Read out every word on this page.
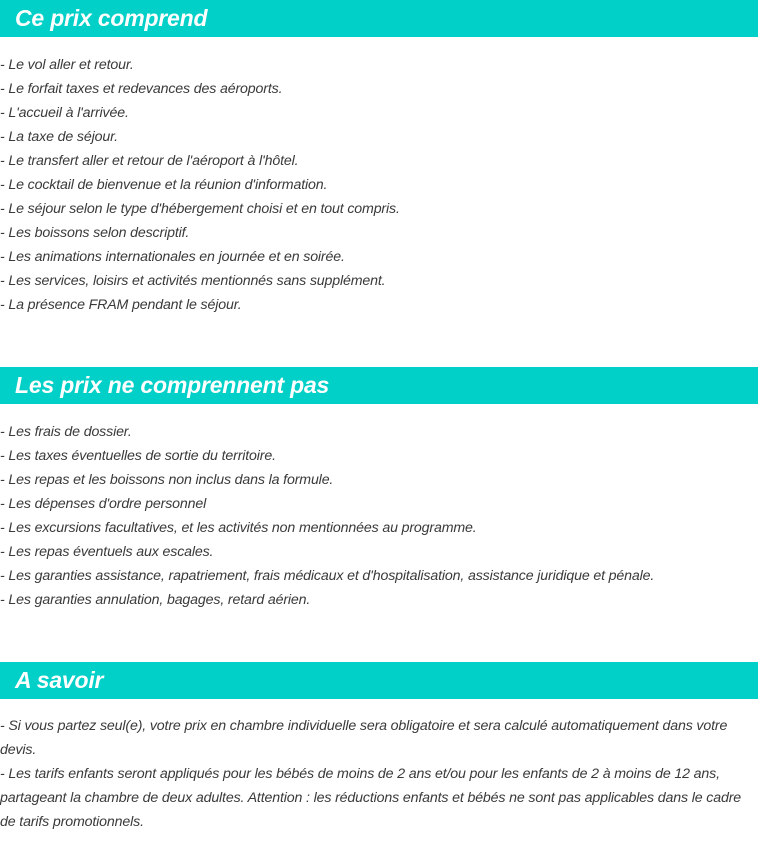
Ce prix comprend
- Le vol aller et retour.
- Le forfait taxes et redevances des aéroports.
- L'accueil à l'arrivée.
- La taxe de séjour.
- Le transfert aller et retour de l'aéroport à l'hôtel.
- Le cocktail de bienvenue et la réunion d'information.
- Le séjour selon le type d'hébergement choisi et en tout compris.
- Les boissons selon descriptif.
- Les animations internationales en journée et en soirée.
- Les services, loisirs et activités mentionnés sans supplément.
- La présence FRAM pendant le séjour.
Les prix ne comprennent pas
- Les frais de dossier.
- Les taxes éventuelles de sortie du territoire.
- Les repas et les boissons non inclus dans la formule.
- Les dépenses d'ordre personnel
- Les excursions facultatives, et les activités non mentionnées au programme.
- Les repas éventuels aux escales.
- Les garanties assistance, rapatriement, frais médicaux et d'hospitalisation, assistance juridique et pénale.
- Les garanties annulation, bagages, retard aérien.
A savoir
- Si vous partez seul(e), votre prix en chambre individuelle sera obligatoire et sera calculé automatiquement dans votre devis.
- Les tarifs enfants seront appliqués pour les bébés de moins de 2 ans et/ou pour les enfants de 2 à moins de 12 ans, partageant la chambre de deux adultes. Attention : les réductions enfants et bébés ne sont pas applicables dans le cadre de tarifs promotionnels.
